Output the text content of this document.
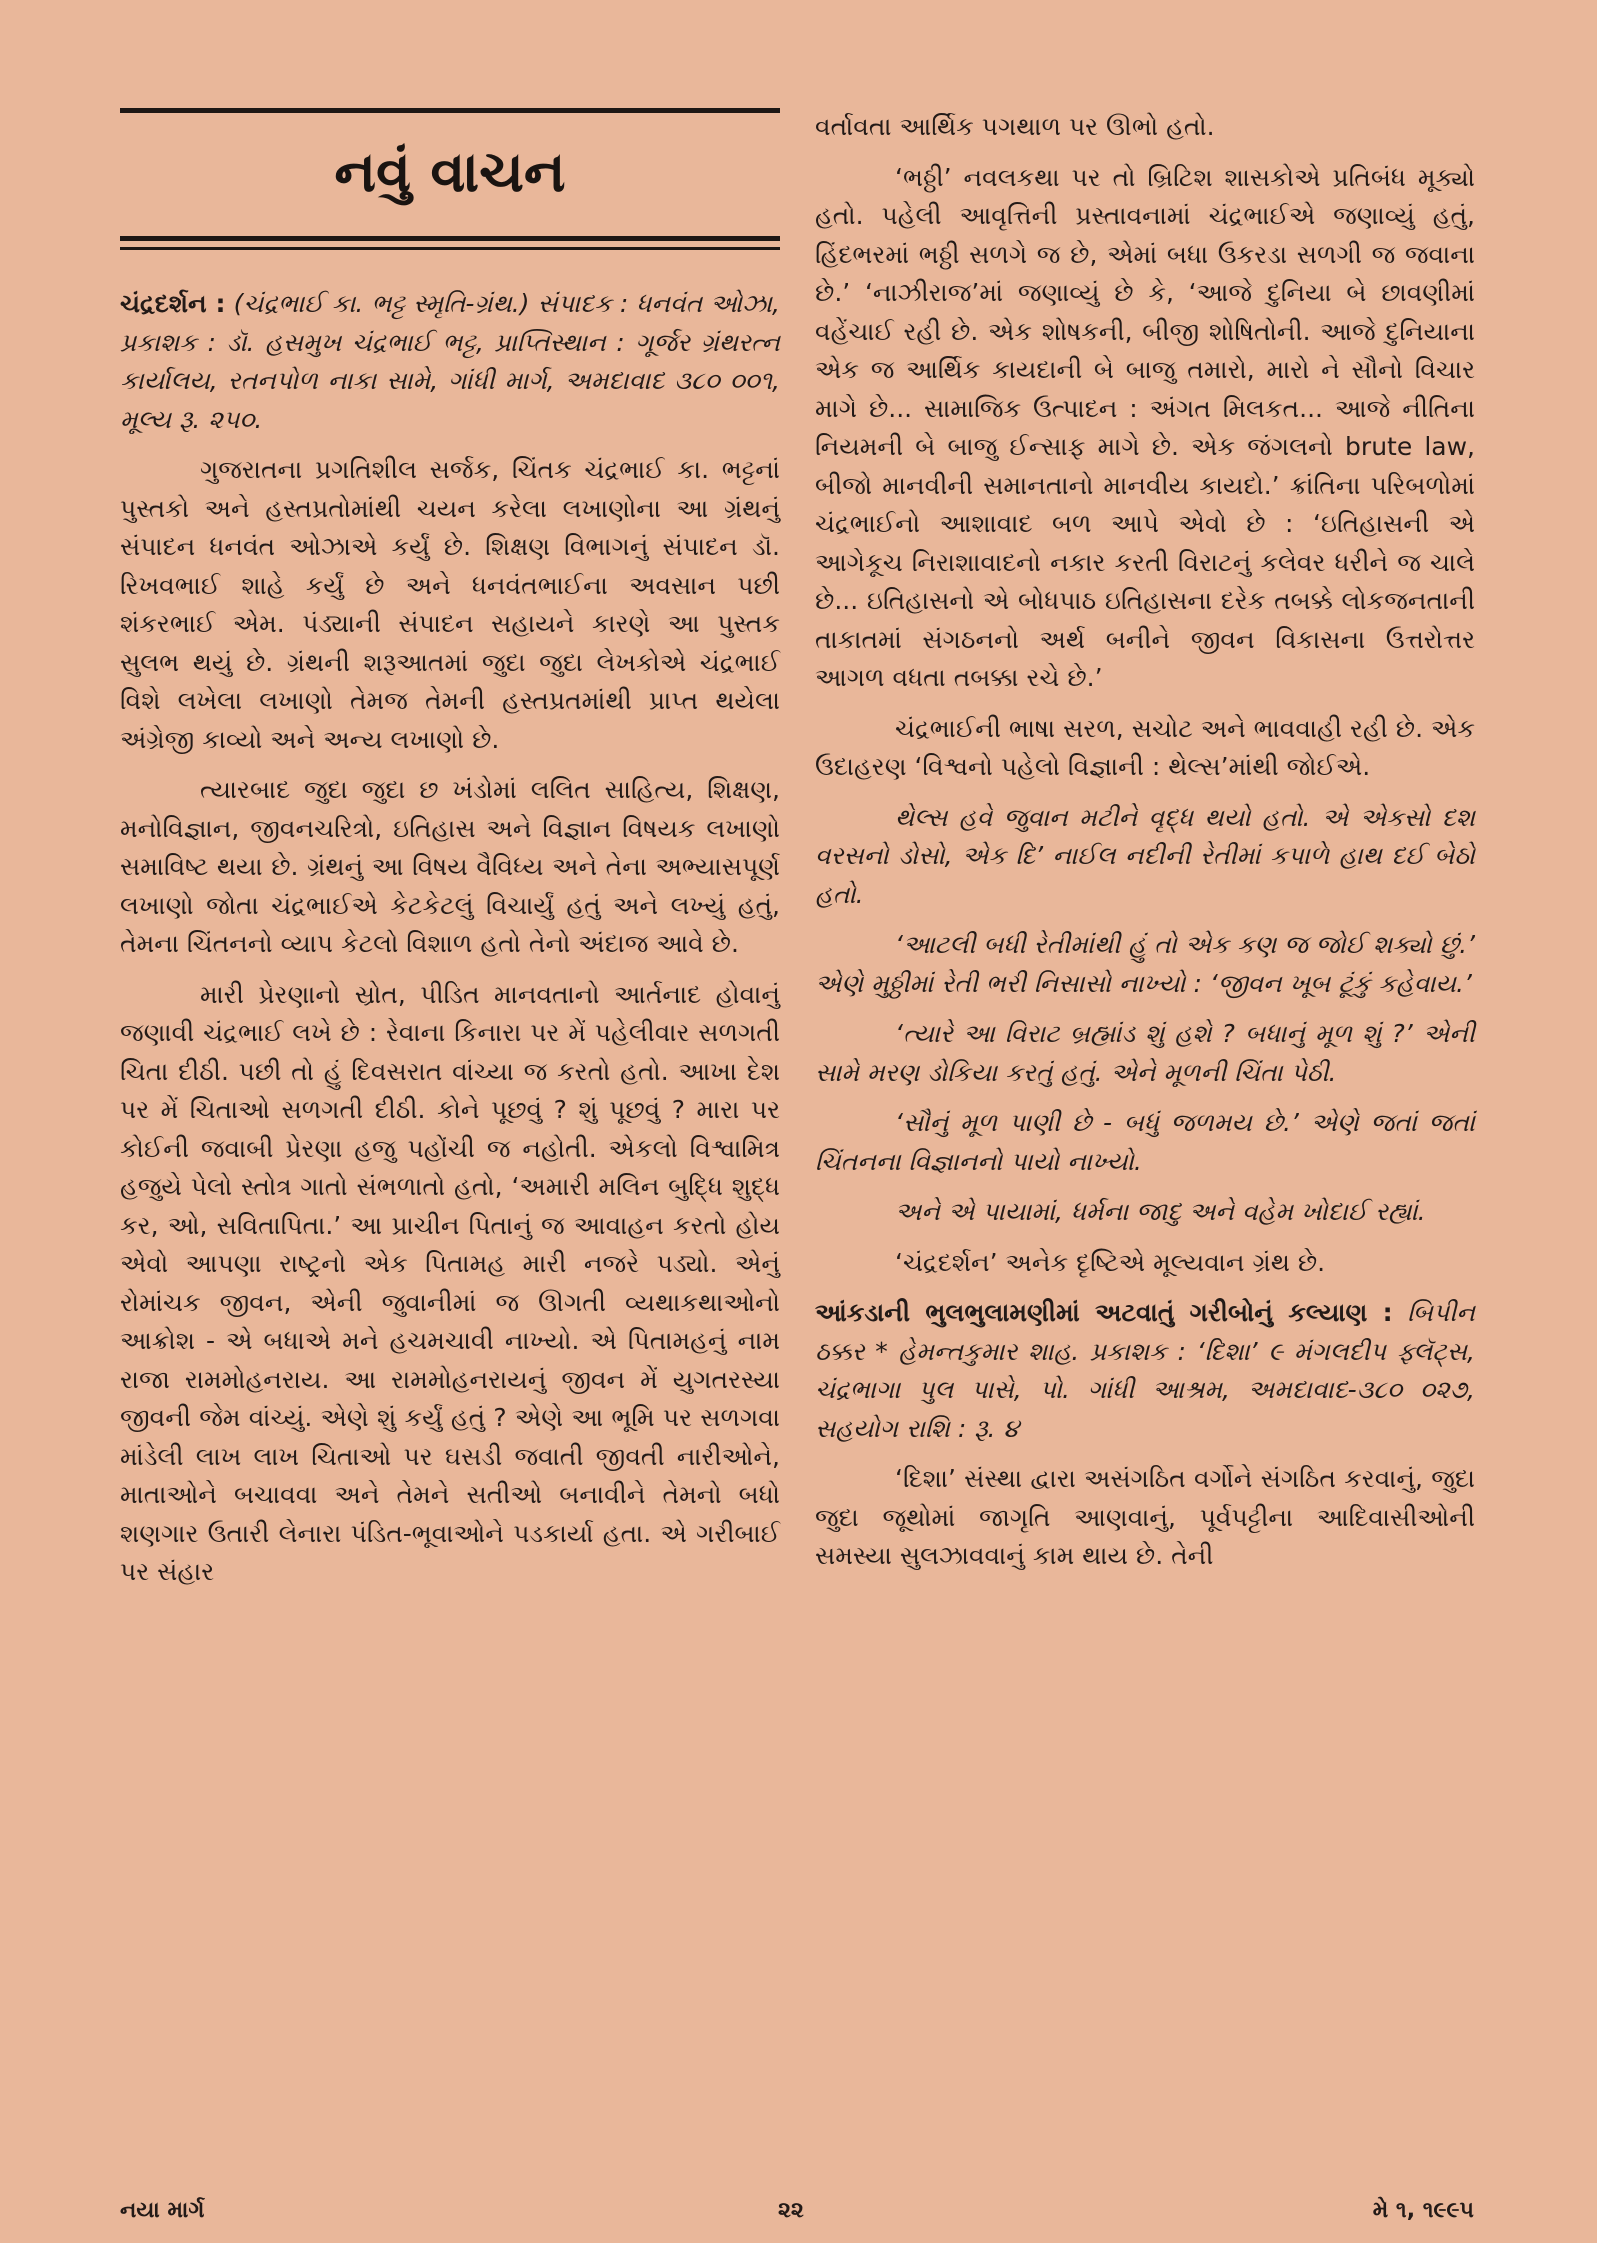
નવું વાચન

ચંદ્રદર્શન : (ચંદ્રભાઈ કા. ભટ્ટ સ્મૃતિ-ગ્રંથ.) સંપાદક : ધનવંત ઓઝા, પ્રકાશક : ડૉ. હસમુખ ચંદ્રભાઈ ભટ્ટ, પ્રાપ્તિસ્થાન : ગૂર્જર ગ્રંથરત્ન કાર્યાલય, રતનપોળ નાકા સામે, ગાંધી માર્ગ, અમદાવાદ ૩૮૦ ૦૦૧, મૂલ્ય રૂ. ૨૫૦.

ગુજરાતના પ્રગતિશીલ સર્જક, ચિંતક ચંદ્રભાઈ કા. ભટ્ટનાં પુસ્તકો અને હસ્તપ્રતોમાંથી ચયન કરેલા લખાણોના આ ગ્રંથનું સંપાદન ધનવંત ઓઝાએ કર્યું છે. શિક્ષણ વિભાગનું સંપાદન ડૉ. રિખવભાઈ શાહે કર્યું છે અને ધનવંતભાઈના અવસાન પછી શંકરભાઈ એમ. પંડ્યાની સંપાદન સહાયને કારણે આ પુસ્તક સુલભ થયું છે. ગ્રંથની શરૂઆતમાં જુદા જુદા લેખકોએ ચંદ્રભાઈ વિશે લખેલા લખાણો તેમજ તેમની હસ્તપ્રતમાંથી પ્રાપ્ત થયેલા અંગ્રેજી કાવ્યો અને અન્ય લખાણો છે.

ત્યારબાદ જુદા જુદા છ ખંડોમાં લલિત સાહિત્ય, શિક્ષણ, મનોવિજ્ઞાન, જીવનચરિત્રો, ઇતિહાસ અને વિજ્ઞાન વિષયક લખાણો સમાવિષ્ટ થયા છે. ગ્રંથનું આ વિષય વૈવિધ્ય અને તેના અભ્યાસપૂર્ણ લખાણો જોતા ચંદ્રભાઈએ કેટકેટલું વિચાર્યું હતું અને લખ્યું હતું, તેમના ચિંતનનો વ્યાપ કેટલો વિશાળ હતો તેનો અંદાજ આવે છે.

મારી પ્રેરણાનો સ્રોત, પીડિત માનવતાનો આર્તનાદ હોવાનું જણાવી ચંદ્રભાઈ લખે છે : રેવાના કિનારા પર મેં પહેલીવાર સળગતી ચિતા દીઠી. પછી તો હું દિવસરાત વાંચ્યા જ કરતો હતો. આખા દેશ પર મેં ચિતાઓ સળગતી દીઠી. કોને પૂછવું ? શું પૂછવું ? મારા પર કોઈની જવાબી પ્રેરણા હજુ પહોંચી જ નહોતી. એકલો વિશ્વામિત્ર હજુયે પેલો સ્તોત્ર ગાતો સંભળાતો હતો, ‘અમારી મલિન બુદ્ધિ શુદ્ધ કર, ઓ, સવિતાપિતા.’ આ પ્રાચીન પિતાનું જ આવાહન કરતો હોય એવો આપણા રાષ્ટ્રનો એક પિતામહ મારી નજરે પડ્યો. એનું રોમાંચક જીવન, એની જુવાનીમાં જ ઊગતી વ્યથાકથાઓનો આક્રોશ - એ બધાએ મને હચમચાવી નાખ્યો. એ પિતામહનું નામ રાજા રામમોહનરાય. આ રામમોહનરાયનું જીવન મેં યુગતરસ્યા જીવની જેમ વાંચ્યું. એણે શું કર્યું હતું ? એણે આ ભૂમિ પર સળગવા માંડેલી લાખ લાખ ચિતાઓ પર ઘસડી જવાતી જીવતી નારીઓને, માતાઓને બચાવવા અને તેમને સતીઓ બનાવીને તેમનો બધો શણગાર ઉતારી લેનારા પંડિત-ભૂવાઓને પડકાર્યા હતા. એ ગરીબાઈ પર સંહાર

વર્તાવતા આર્થિક પગથાળ પર ઊભો હતો.

‘ભઠ્ઠી’ નવલકથા પર તો બ્રિટિશ શાસકોએ પ્રતિબંધ મૂક્યો હતો. પહેલી આવૃત્તિની પ્રસ્તાવનામાં ચંદ્રભાઈએ જણાવ્યું હતું, હિંદભરમાં ભઠ્ઠી સળગે જ છે, એમાં બધા ઉકરડા સળગી જ જવાના છે.’ ‘નાઝીરાજ’માં જણાવ્યું છે કે, ‘આજે દુનિયા બે છાવણીમાં વહેંચાઈ રહી છે. એક શોષકની, બીજી શોષિતોની. આજે દુનિયાના એક જ આર્થિક કાયદાની બે બાજુ તમારો, મારો ને સૌનો વિચાર માગે છે... સામાજિક ઉત્પાદન : અંગત મિલકત... આજે નીતિના નિયમની બે બાજુ ઈન્સાફ માગે છે. એક જંગલનો brute law, બીજો માનવીની સમાનતાનો માનવીય કાયદો.’ ક્રાંતિના પરિબળોમાં ચંદ્રભાઈનો આશાવાદ બળ આપે એવો છે : ‘ઇતિહાસની એ આગેકૂચ નિરાશાવાદનો નકાર કરતી વિરાટનું કલેવર ધરીને જ ચાલે છે... ઇતિહાસનો એ બોધપાઠ ઇતિહાસના દરેક તબક્કે લોકજનતાની તાકાતમાં સંગઠનનો અર્થ બનીને જીવન વિકાસના ઉત્તરોત્તર આગળ વધતા તબક્કા રચે છે.’

ચંદ્રભાઈની ભાષા સરળ, સચોટ અને ભાવવાહી રહી છે. એક ઉદાહરણ ‘વિશ્વનો પહેલો વિજ્ઞાની : થેલ્સ’માંથી જોઈએ.

થેલ્સ હવે જુવાન મટીને વૃદ્ધ થયો હતો. એ એકસો દશ વરસનો ડોસો, એક દિ’ નાઈલ નદીની રેતીમાં કપાળે હાથ દઈ બેઠો હતો.

‘આટલી બધી રેતીમાંથી હું તો એક કણ જ જોઈ શક્યો છું.’ એણે મુઠ્ઠીમાં રેતી ભરી નિસાસો નાખ્યો : ‘જીવન ખૂબ ટૂંકું કહેવાય.’

‘ત્યારે આ વિરાટ બ્રહ્માંડ શું હશે ? બધાનું મૂળ શું ?’ એની સામે મરણ ડોકિયા કરતું હતું. એને મૂળની ચિંતા પેઠી.

‘સૌનું મૂળ પાણી છે - બધું જળમય છે.’ એણે જતાં જતાં ચિંતનના વિજ્ઞાનનો પાયો નાખ્યો.

અને એ પાયામાં, ધર્મના જાદુ અને વહેમ ખોદાઈ રહ્યાં.

‘ચંદ્રદર્શન’ અનેક દૃષ્ટિએ મૂલ્યવાન ગ્રંથ છે.

આંકડાની ભુલભુલામણીમાં અટવાતું ગરીબોનું કલ્યાણ : બિપીન ઠક્કર * હેમન્તકુમાર શાહ. પ્રકાશક : ‘દિશા’ ૯ મંગલદીપ ફ્લૅટ્સ, ચંદ્રભાગા પુલ પાસે, પો. ગાંધી આશ્રમ, અમદાવાદ-૩૮૦ ૦૨૭, સહયોગ રાશિ : રૂ. ૪

‘દિશા’ સંસ્થા દ્વારા અસંગઠિત વર્ગોને સંગઠિત કરવાનું, જુદા જુદા જૂથોમાં જાગૃતિ આણવાનું, પૂર્વપટ્ટીના આદિવાસીઓની સમસ્યા સુલઝાવવાનું કામ થાય છે. તેની

નયા માર્ગ	૨૨	મે ૧, ૧૯૯૫
